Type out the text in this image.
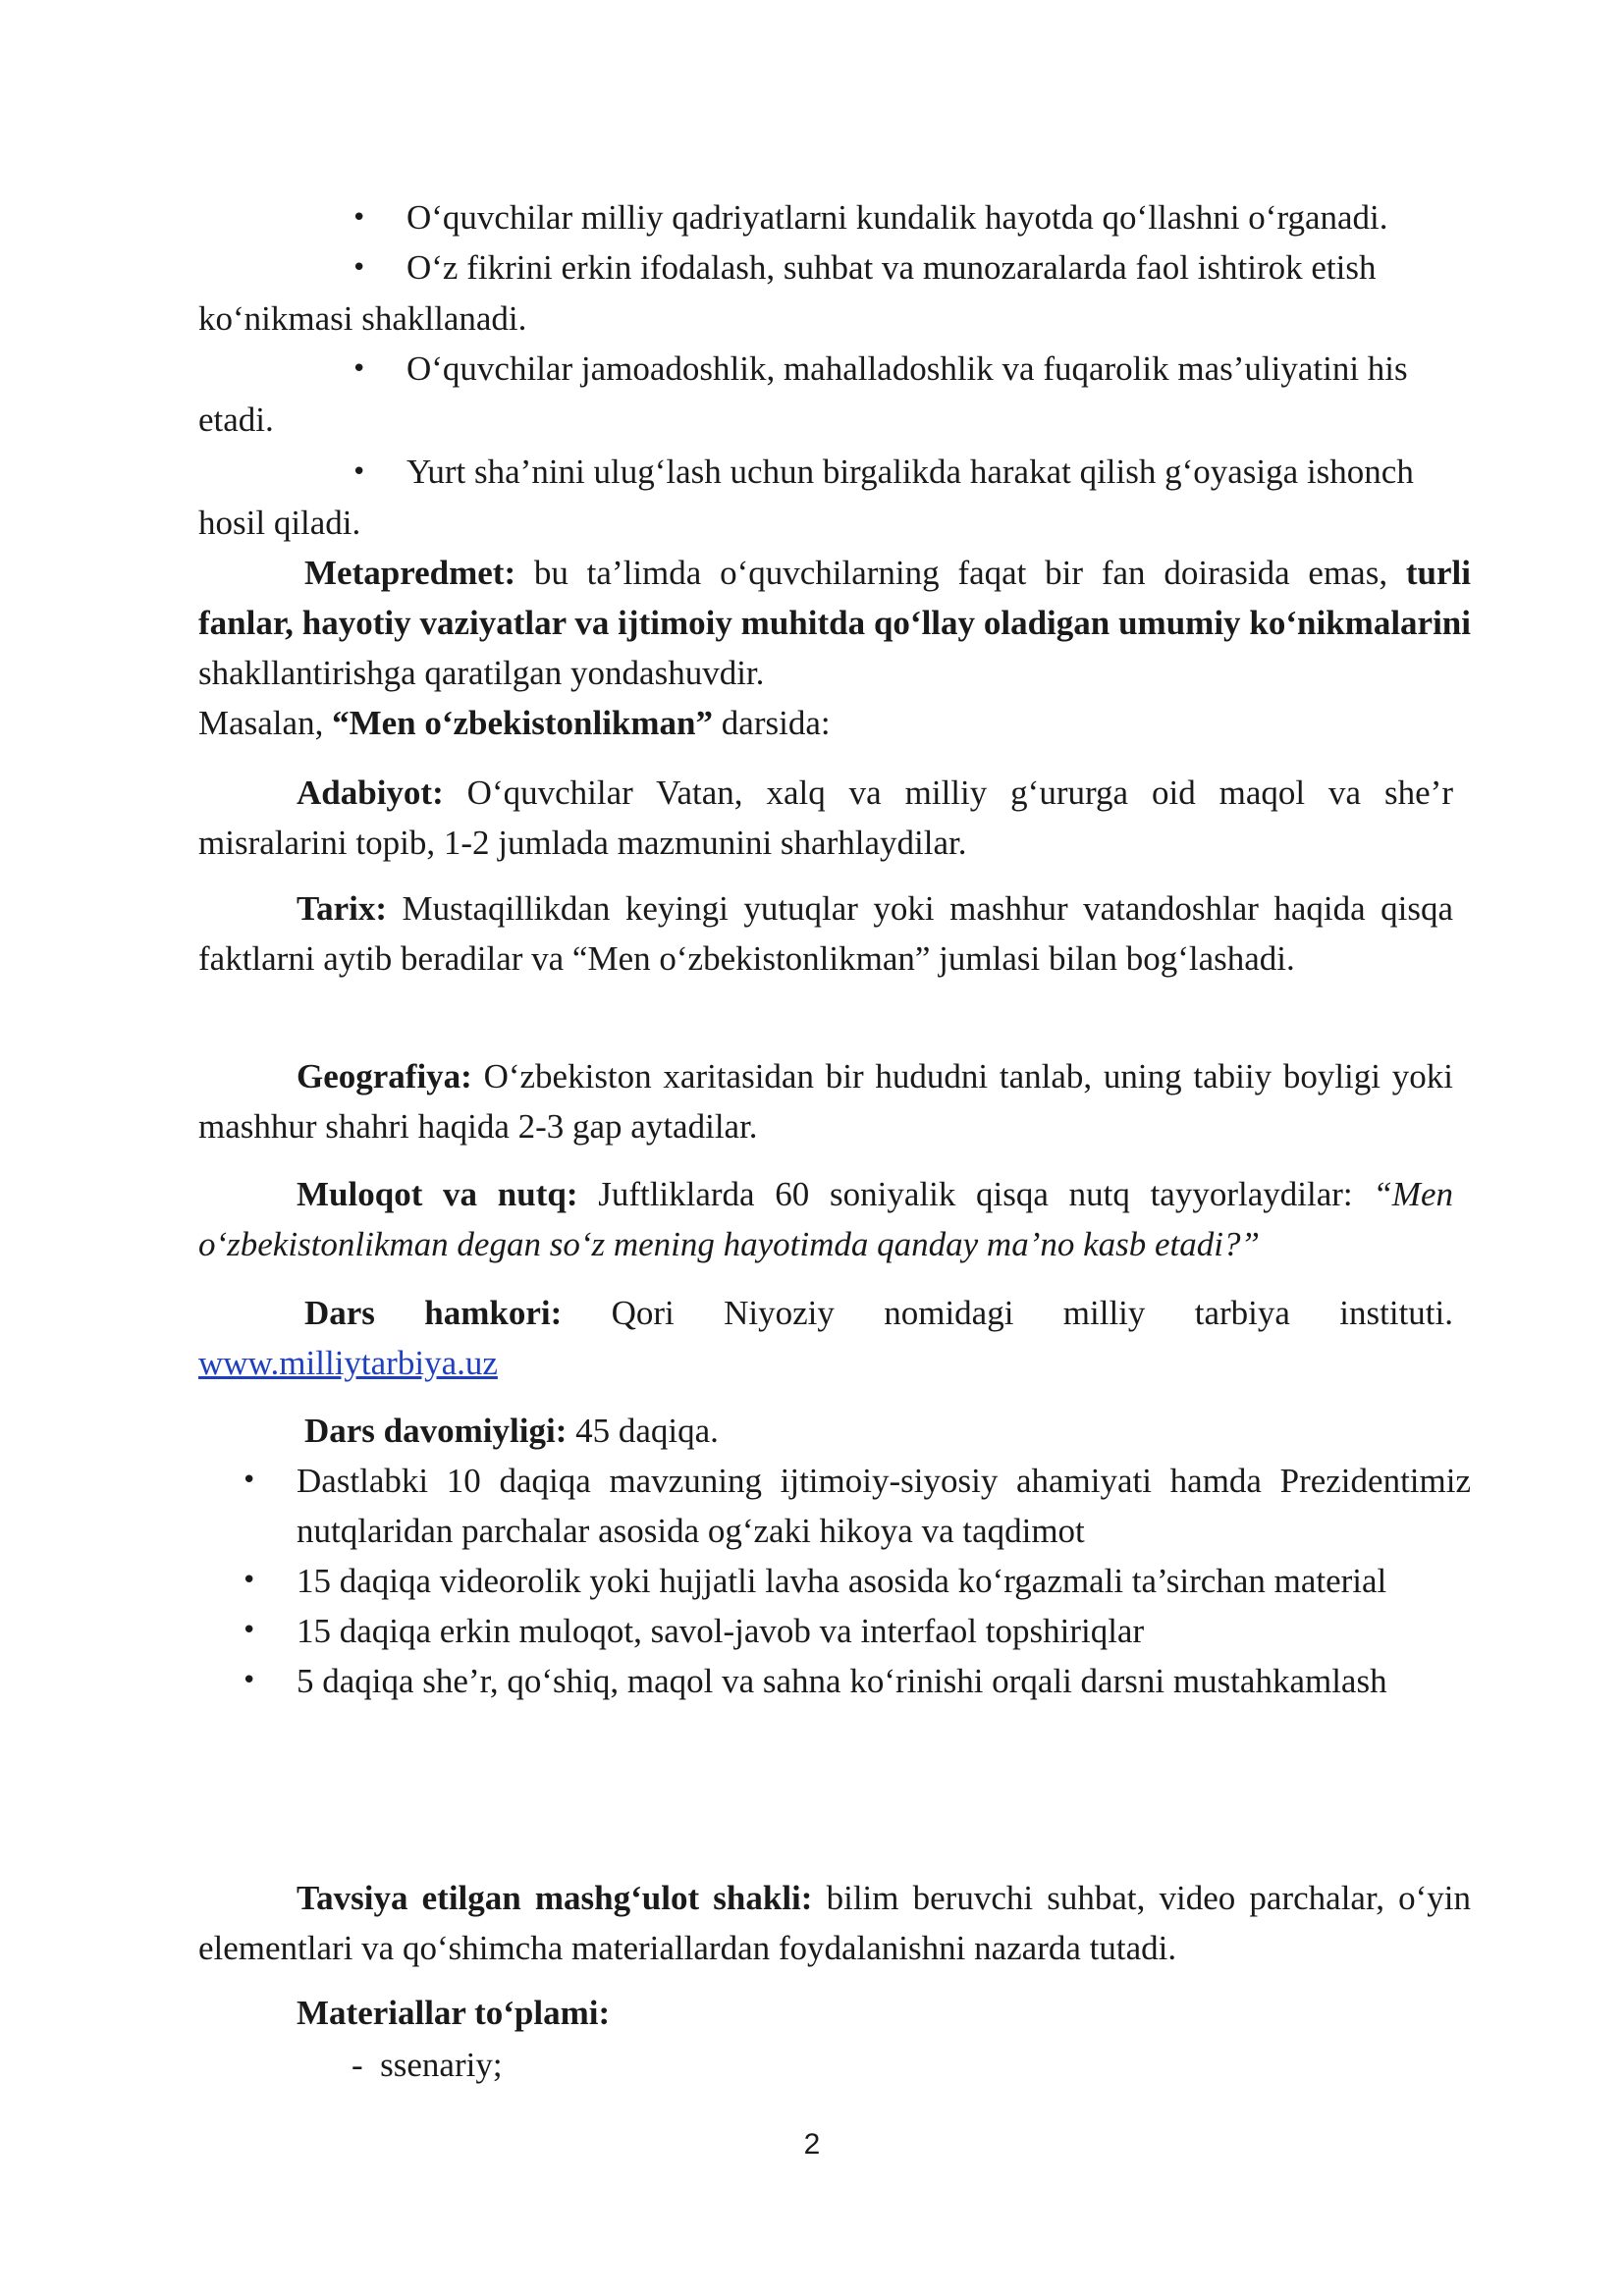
• O‘quvchilar milliy qadriyatlarni kundalik hayotda qo‘llashni o‘rganadi.

• O‘z fikrini erkin ifodalash, suhbat va munozaralarda faol ishtirok etish
ko‘nikmasi shakllanadi.

• O‘quvchilar jamoadoshlik, mahalladoshlik va fuqarolik mas’uliyatini his
etadi.

• Yurt sha’nini ulug‘lash uchun birgalikda harakat qilish g‘oyasiga ishonch
hosil qiladi.

Metapredmet: bu ta’limda o‘quvchilarning faqat bir fan doirasida emas, turli fanlar, hayotiy vaziyatlar va ijtimoiy muhitda qo‘llay oladigan umumiy ko‘nikmalarini shakllantirishga qaratilgan yondashuvdir.

Masalan, “Men o‘zbekistonlikman” darsida:

Adabiyot: O‘quvchilar Vatan, xalq va milliy g‘ururga oid maqol va she’r misralarini topib, 1-2 jumlada mazmunini sharhlaydilar.

Tarix: Mustaqillikdan keyingi yutuqlar yoki mashhur vatandoshlar haqida qisqa faktlarni aytib beradilar va “Men o‘zbekistonlikman” jumlasi bilan bog‘lashadi.

Geografiya: O‘zbekiston xaritasidan bir hududni tanlab, uning tabiiy boyligi yoki mashhur shahri haqida 2-3 gap aytadilar.

Muloqot va nutq: Juftliklarda 60 soniyalik qisqa nutq tayyorlaydilar: “Men o‘zbekistonlikman degan so‘z mening hayotimda qanday ma’no kasb etadi?”

Dars hamkori: Qori Niyoziy nomidagi milliy tarbiya instituti. www.milliytarbiya.uz

Dars davomiyligi: 45 daqiqa.

• Dastlabki 10 daqiqa mavzuning ijtimoiy-siyosiy ahamiyati hamda Prezidentimiz nutqlaridan parchalar asosida og‘zaki hikoya va taqdimot
• 15 daqiqa videorolik yoki hujjatli lavha asosida ko‘rgazmali ta’sirchan material
• 15 daqiqa erkin muloqot, savol-javob va interfaol topshiriqlar
• 5 daqiqa she’r, qo‘shiq, maqol va sahna ko‘rinishi orqali darsni mustahkamlash

Tavsiya etilgan mashg‘ulot shakli: bilim beruvchi suhbat, video parchalar, o‘yin elementlari va qo‘shimcha materiallardan foydalanishni nazarda tutadi.

Materiallar to‘plami:

- ssenariy;
2
